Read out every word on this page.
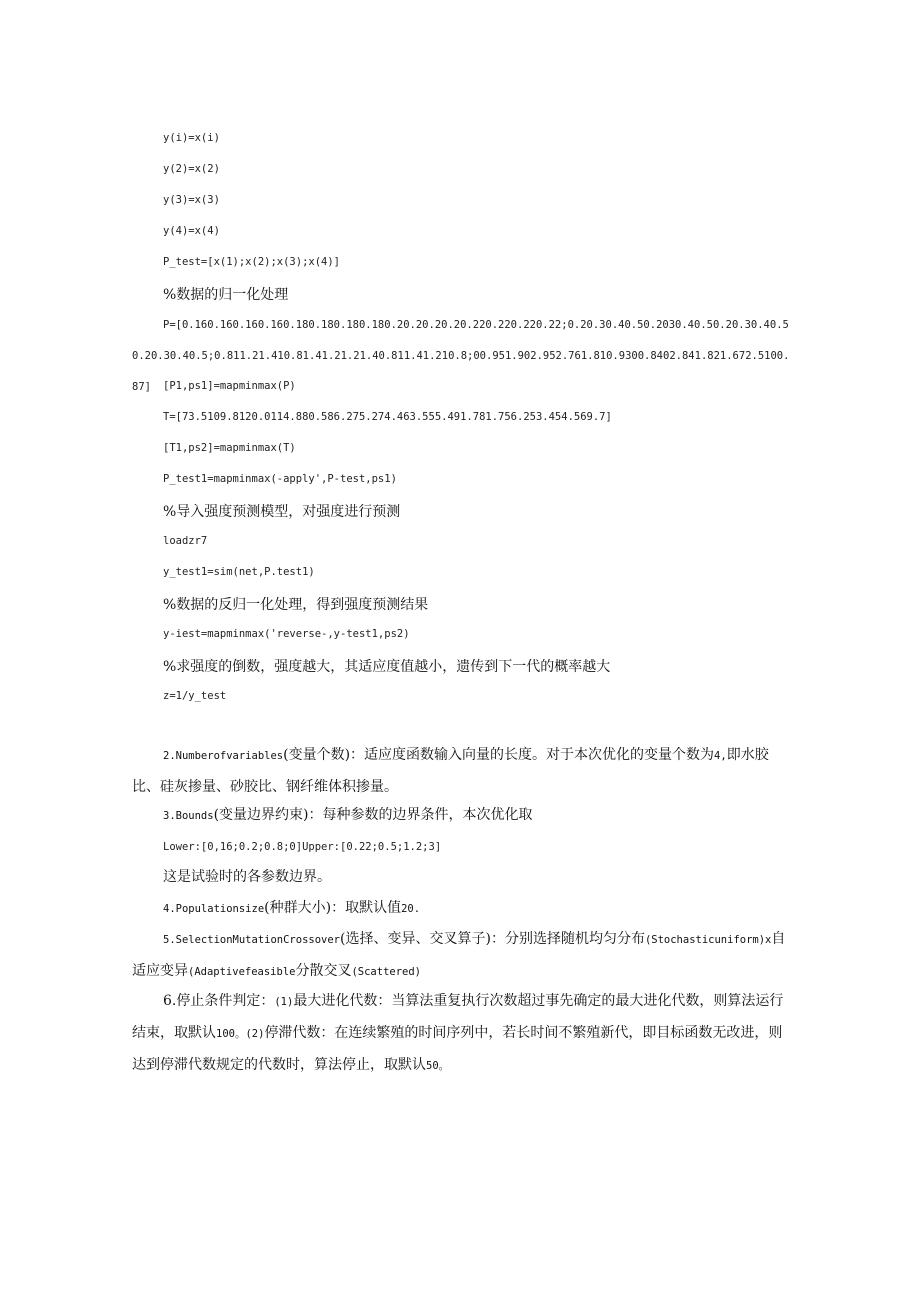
y(i)=x(i)
y(2)=x(2)
y(3)=x(3)
y(4)=x(4)
P_test=[x(1);x(2);x(3);x(4)]
%数据的归一化处理
P=[0.160.160.160.160.180.180.180.180.20.20.20.20.220.220.220.22;0.20.30.40.50.2030.40.50.20.30.40.50.20.30.40.5;0.811.21.410.81.41.21.21.40.811.41.210.8;00.951.902.952.761.810.9300.8402.841.821.672.5100.87]	[P1,ps1]=mapminmax(P)
T=[73.5109.8120.0114.880.586.275.274.463.555.491.781.756.253.454.569.7]
[T1,ps2]=mapminmax(T)
P_test1=mapminmax(-apply',P-test,ps1)
%导入强度预测模型，对强度进行预测
loadzr7
y_test1=sim(net,P.test1)
%数据的反归一化处理，得到强度预测结果
y-iest=mapminmax('reverse-,y-test1,ps2)
%求强度的倒数，强度越大，其适应度值越小，遗传到下一代的概率越大
z=1/y_test
2.Numberofvariables(变量个数)：适应度函数输入向量的长度。对于本次优化的变量个数为4,即水胶比、硅灰掺量、砂胶比、钢纤维体积掺量。
3.Bounds(变量边界约束)：每种参数的边界条件，本次优化取
Lower:[0,16;0.2;0.8;0]Upper:[0.22;0.5;1.2;3]
这是试验时的各参数边界。
4.Populationsize(种群大小)：取默认值20.
5.SelectionMutationCrossover(选择、变异、交叉算子)：分别选择随机均匀分布(Stochasticuniform)x自适应变异(Adaptivefeasible分散交叉(Scattered)
6.停止条件判定：(1)最大进化代数：当算法重复执行次数超过事先确定的最大进化代数，则算法运行结束，取默认100。(2)停滞代数：在连续繁殖的时间序列中，若长时间不繁殖新代，即目标函数无改进，则达到停滞代数规定的代数时，算法停止，取默认50。
